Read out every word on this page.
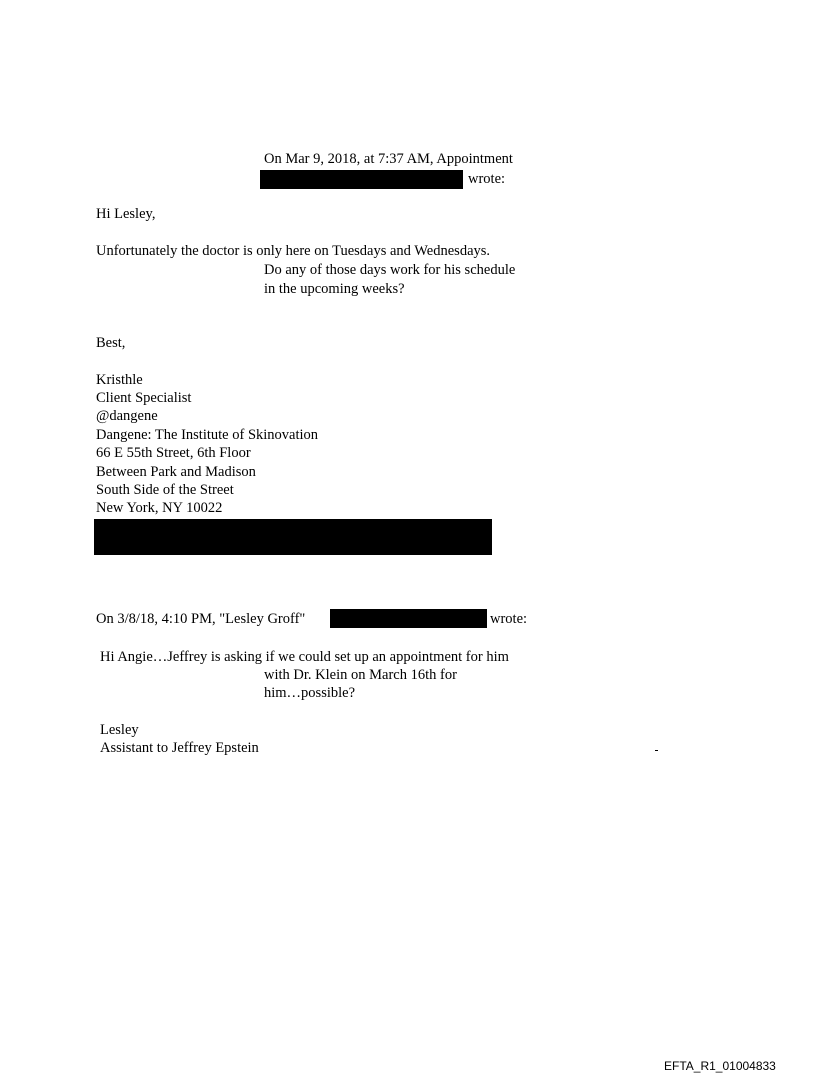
On Mar 9, 2018, at 7:37 AM, Appointment
wrote:
Hi Lesley,
Unfortunately the doctor is only here on Tuesdays and Wednesdays.
Do any of those days work for his schedule
in the upcoming weeks?
Best,
Kristhle
Client Specialist
@dangene
Dangene: The Institute of Skinovation
66 E 55th Street, 6th Floor
Between Park and Madison
South Side of the Street
New York, NY 10022
On 3/8/18, 4:10 PM, "Lesley Groff"	wrote:
Hi Angie…Jeffrey is asking if we could set up an appointment for him
with Dr. Klein on March 16th for
him…possible?
Lesley
Assistant to Jeffrey Epstein
EFTA_R1_01004833
